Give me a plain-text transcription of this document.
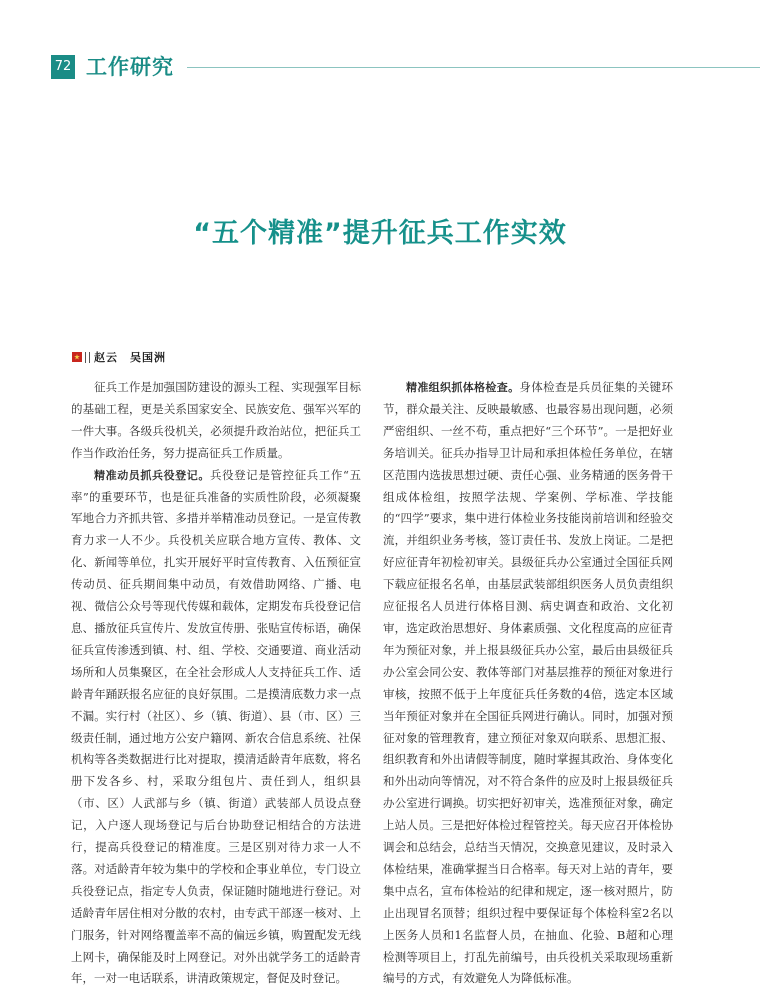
72 工作研究
“五个精准”提升征兵工作实效
赵云　吴国洲

征兵工作是加强国防建设的源头工程、实现强军目标的基础工程，更是关系国家安全、民族安危、强军兴军的一件大事。各级兵役机关，必须提升政治站位，把征兵工作当作政治任务，努力提高征兵工作质量。

精准动员抓兵役登记。兵役登记是管控征兵工作“五率”的重要环节，也是征兵准备的实质性阶段，必须凝聚军地合力齐抓共管、多措并举精准动员登记。一是宣传教育力求一人不少。兵役机关应联合地方宣传、教体、文化、新闻等单位，扎实开展好平时宣传教育、入伍预征宣传动员、征兵期间集中动员，有效借助网络、广播、电视、微信公众号等现代传媒和载体，定期发布兵役登记信息、播放征兵宣传片、发放宣传册、张贴宣传标语，确保征兵宣传渗透到镇、村、组、学校、交通要道、商业活动场所和人员集聚区，在全社会形成人人支持征兵工作、适龄青年踊跃报名应征的良好氛围。二是摸清底数力求一点不漏。实行村（社区）、乡（镇、街道）、县（市、区）三级责任制，通过地方公安户籍网、新农合信息系统、社保机构等各类数据进行比对提取，摸清适龄青年底数，将名册下发各乡、村，采取分组包片、责任到人，组织县（市、区）人武部与乡（镇、街道）武装部人员设点登记，入户逐人现场登记与后台协助登记相结合的方法进行，提高兵役登记的精准度。三是区别对待力求一人不落。对适龄青年较为集中的学校和企事业单位，专门设立兵役登记点，指定专人负责，保证随时随地进行登记。对适龄青年居住相对分散的农村，由专武干部逐一核对、上门服务，针对网络覆盖率不高的偏远乡镇，购置配发无线上网卡，确保能及时上网登记。对外出就学务工的适龄青年，一对一电话联系，讲清政策规定，督促及时登记。

精准组织抓体格检查。身体检查是兵员征集的关键环节，群众最关注、反映最敏感、也最容易出现问题，必须严密组织、一丝不苟，重点把好“三个环节”。一是把好业务培训关。征兵办指导卫计局和承担体检任务单位，在辖区范围内选拔思想过硬、责任心强、业务精通的医务骨干组成体检组，按照学法规、学案例、学标准、学技能的“四学”要求，集中进行体检业务技能岗前培训和经验交流，并组织业务考核，签订责任书、发放上岗证。二是把好应征青年初检初审关。县级征兵办公室通过全国征兵网下载应征报名名单，由基层武装部组织医务人员负责组织应征报名人员进行体格目测、病史调查和政治、文化初审，选定政治思想好、身体素质强、文化程度高的应征青年为预征对象，并上报县级征兵办公室，最后由县级征兵办公室会同公安、教体等部门对基层推荐的预征对象进行审核，按照不低于上年度征兵任务数的4倍，选定本区域当年预征对象并在全国征兵网进行确认。同时，加强对预征对象的管理教育，建立预征对象双向联系、思想汇报、组织教育和外出请假等制度，随时掌握其政治、身体变化和外出动向等情况，对不符合条件的应及时上报县级征兵办公室进行调换。切实把好初审关，选准预征对象，确定上站人员。三是把好体检过程管控关。每天应召开体检协调会和总结会，总结当天情况，交换意见建议，及时录入体检结果，准确掌握当日合格率。每天对上站的青年，要集中点名，宣布体检站的纪律和规定，逐一核对照片，防止出现冒名顶替；组织过程中要保证每个体检科室2名以上医务人员和1名监督人员，在抽血、化验、B超和心理检测等项目上，打乱先前编号，由兵役机关采取现场重新编号的方式，有效避免人为降低标准。
